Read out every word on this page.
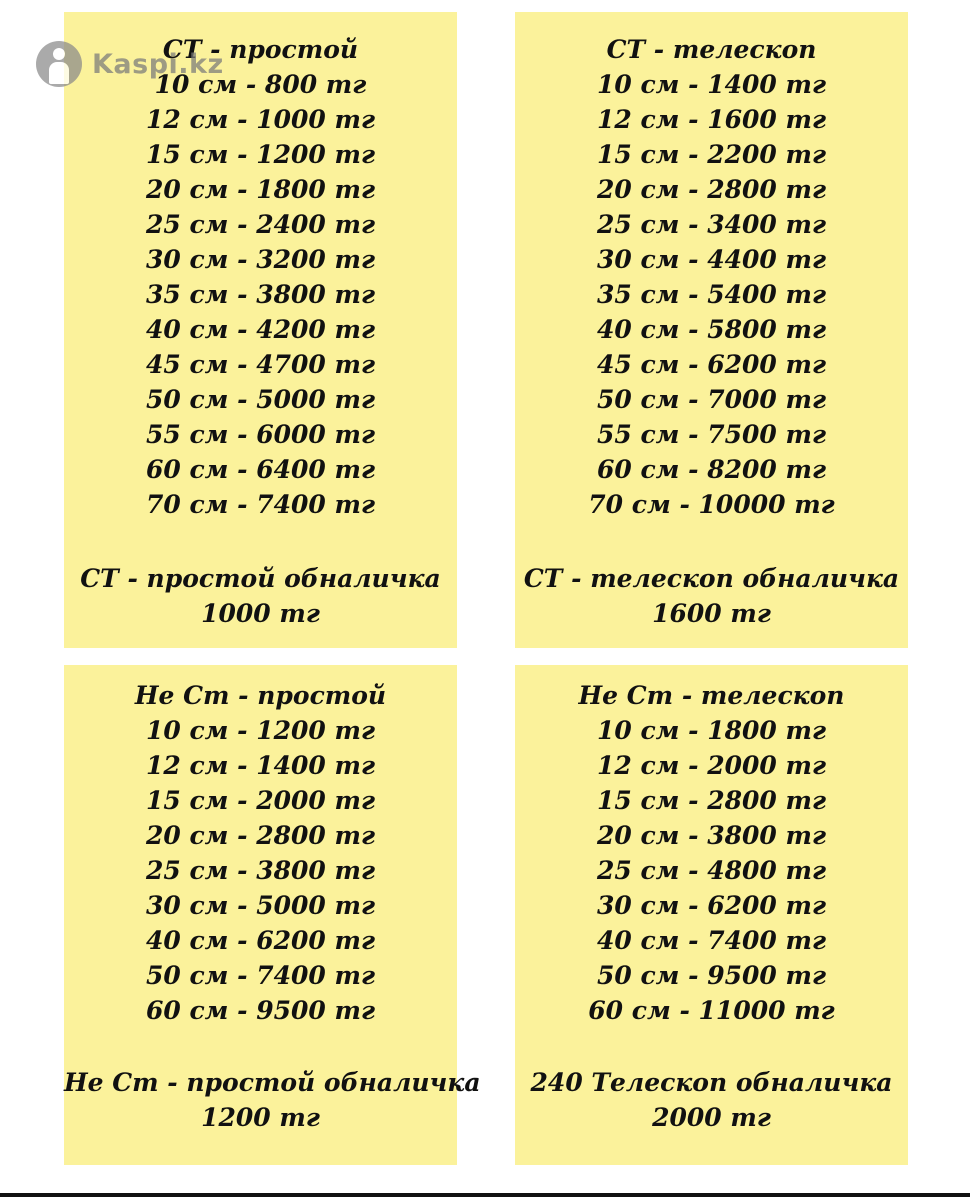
СТ - простой
10 см - 800 тг
12 см - 1000 тг
15 см - 1200 тг
20 см - 1800 тг
25 см - 2400 тг
30 см - 3200 тг
35 см - 3800 тг
40 см - 4200 тг
45 см - 4700 тг
50 см - 5000 тг
55 см - 6000 тг
60 см - 6400 тг
70 см - 7400 тг
СТ - простой обналичка
1000 тг
СТ - телескоп
10 см - 1400 тг
12 см - 1600 тг
15 см - 2200 тг
20 см - 2800 тг
25 см - 3400 тг
30 см - 4400 тг
35 см - 5400 тг
40 см - 5800 тг
45 см - 6200 тг
50 см - 7000 тг
55 см - 7500 тг
60 см - 8200 тг
70 см - 10000 тг
СТ - телескоп обналичка
1600 тг
Не Ст - простой
10 см - 1200 тг
12 см - 1400 тг
15 см - 2000 тг
20 см - 2800 тг
25 см - 3800 тг
30 см - 5000 тг
40 см - 6200 тг
50 см - 7400 тг
60 см - 9500 тг
Не Ст - простой обналичка
1200 тг
Не Ст - телескоп
10 см - 1800 тг
12 см - 2000 тг
15 см - 2800 тг
20 см - 3800 тг
25 см - 4800 тг
30 см - 6200 тг
40 см - 7400 тг
50 см - 9500 тг
60 см - 11000 тг
240 Телескоп обналичка
2000 тг
Kaspi.kz
